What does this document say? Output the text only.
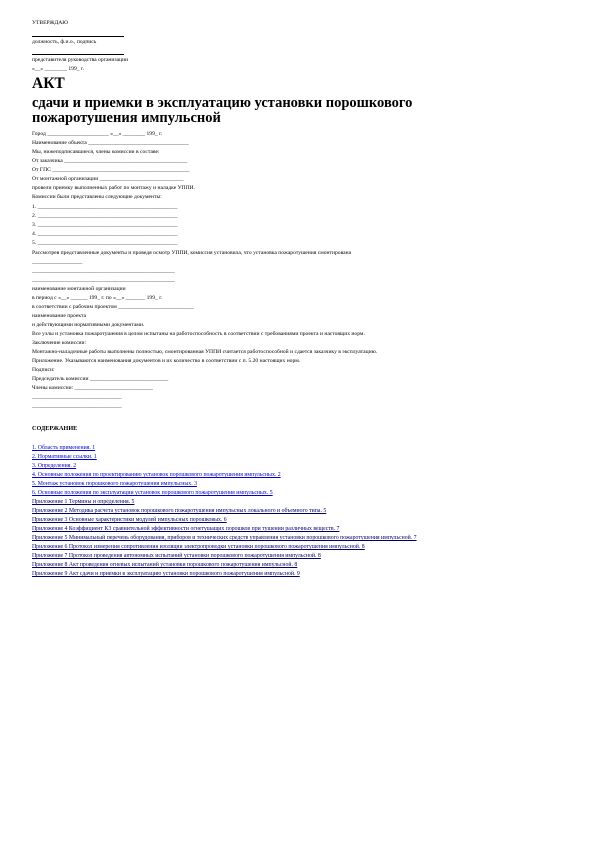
УТВЕРЖДАЮ
должность, ф.и.о., подпись
представителя руководства организации
«__» ________ 199_ г.
АКТ
сдачи и приемки в эксплуатацию установки порошкового
пожаротушения импульсной
Город ______________________ «__» ________ 199_ г.
Наименование объекта ____________________________________
Мы, нижеподписавшиеся, члены комиссии в составе:
От заказчика ____________________________________________
От ГПС _________________________________________________
От монтажной организации ______________________________
провели приемку выполненных работ по монтажу и наладке УППИ.
Комиссии были представлены следующие документы:
1. __________________________________________________
2. __________________________________________________
3. __________________________________________________
4. __________________________________________________
5. __________________________________________________
Рассмотрев представленные документы и проведя осмотр УППИ, комиссия установила, что установка пожаротушения смонтирована
__________________
___________________________________________________
___________________________________________________
наименование монтажной организации
в период с «__» ______ 199_ г. по «__» _______ 199_ г.
в соответствии с рабочим проектом ___________________________
наименование проекта
и действующими нормативными документами.
Все узлы и установка пожаротушения в целом испытаны на работоспособность в соответствии с требованиями проекта и настоящих норм.
Заключение комиссии:
Монтажно-наладочные работы выполнены полностью, смонтированная УППИ считается работоспособной и сдается заказчику в эксплуатацию.
Приложение. Указываются наименования документов и их количество в соответствии с п. 5.20 настоящих норм.
Подписи:
Председатель комиссии ____________________________
Члены комиссии: ____________________________
________________________________
________________________________
СОДЕРЖАНИЕ
1. Область применения. 1
2. Нормативные ссылки. 1
3. Определения. 2
4. Основные положения по проектированию установок порошкового пожаротушения импульсных. 2
5. Монтаж установок порошкового пожаротушения импульсных. 3
6. Основные положения по эксплуатации установок порошкового пожаротушения импульсных. 5
Приложение 1 Термины и определения. 5
Приложение 2 Методика расчета установок порошкового пожаротушения импульсных локального и объемного типа. 5
Приложение 3 Основные характеристики модулей импульсных порошковых. 6
Приложение 4 Коэффициент K3 сравнительной эффективности огнетушащих порошков при тушении различных веществ. 7
Приложение 5 Минимальный перечень оборудования, приборов и технических средств управления установки порошкового пожаротушения импульсной. 7
Приложение 6 Протокол измерения сопротивления изоляции электропроводки установки порошкового пожаротушения импульсной. 8
Приложение 7 Протокол проведения автономных испытаний установки порошкового пожаротушения импульсной. 8
Приложение 8 Акт проведения огневых испытаний установки порошкового пожаротушения импульсной. 8
Приложение 9 Акт сдачи и приемки в эксплуатацию установки порошкового пожаротушения импульсной. 9
